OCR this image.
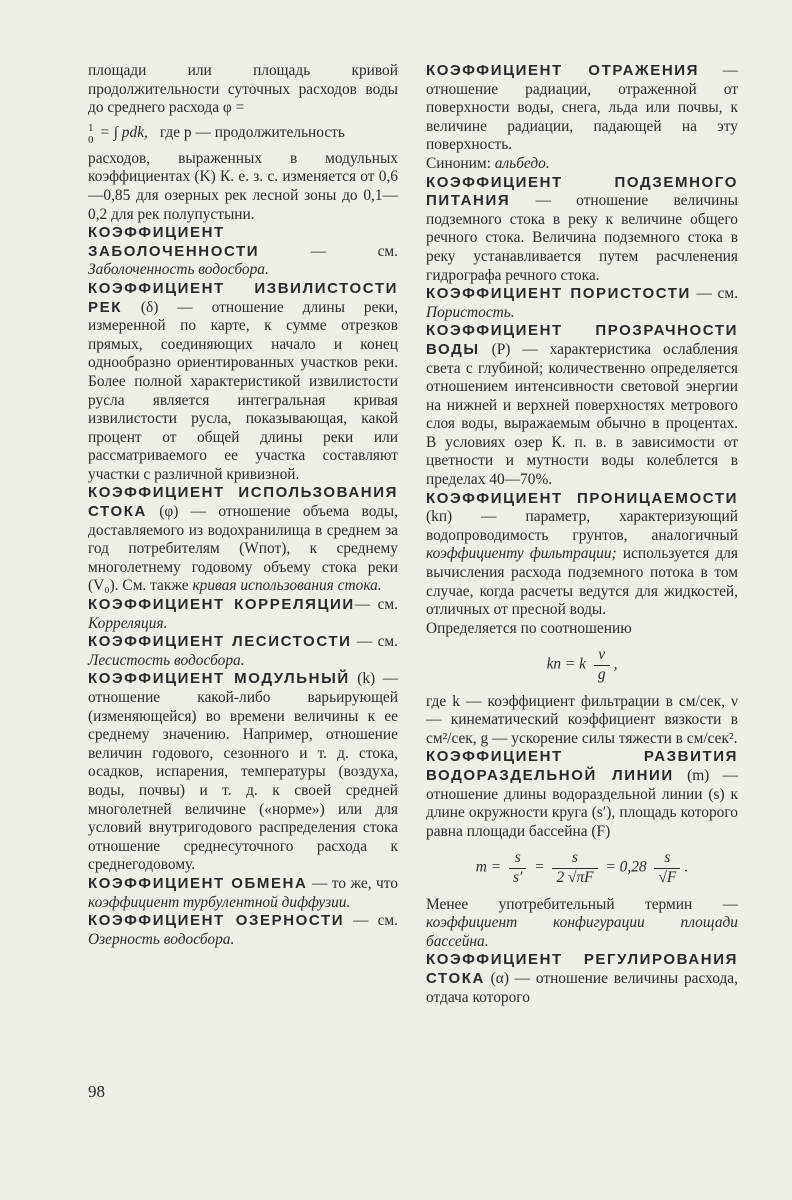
площади или площадь кривой продолжительности суточных расходов воды до среднего расхода φ =

1
0 = ∫ pdk, где p — продолжительность

расходов, выраженных в модульных коэффициентах (K) К. е. з. с. изменяется от 0,6—0,85 для озерных рек лесной зоны до 0,1—0,2 для рек полупустыни.

КОЭФФИЦИЕНТ ЗАБОЛОЧЕННОСТИ — см. Заболоченность водосбора.

КОЭФФИЦИЕНТ ИЗВИЛИСТОСТИ РЕК (δ) — отношение длины реки, измеренной по карте, к сумме отрезков прямых, соединяющих начало и конец однообразно ориентированных участков реки. Более полной характеристикой извилистости русла является интегральная кривая извилистости русла, показывающая, какой процент от общей длины реки или рассматриваемого ее участка составляют участки с различной кривизной.

КОЭФФИЦИЕНТ ИСПОЛЬЗОВАНИЯ СТОКА (φ) — отношение объема воды, доставляемого из водохранилища в среднем за год потребителям (Wпот), к среднему многолетнему годовому объему стока реки (V₀). См. также кривая использования стока.

КОЭФФИЦИЕНТ КОРРЕЛЯЦИИ— см. Корреляция.

КОЭФФИЦИЕНТ ЛЕСИСТОСТИ — см. Лесистость водосбора.

КОЭФФИЦИЕНТ МОДУЛЬНЫЙ (k) — отношение какой-либо варьирующей (изменяющейся) во времени величины к ее среднему значению. Например, отношение величин годового, сезонного и т. д. стока, осадков, испарения, температуры (воздуха, воды, почвы) и т. д. к своей средней многолетней величине («норме») или для условий внутригодового распределения стока отношение среднесуточного расхода к среднегодовому.

КОЭФФИЦИЕНТ ОБМЕНА — то же, что коэффициент турбулентной диффузии.

КОЭФФИЦИЕНТ ОЗЕРНОСТИ — см. Озерность водосбора.

КОЭФФИЦИЕНТ ОТРАЖЕНИЯ — отношение радиации, отраженной от поверхности воды, снега, льда или почвы, к величине радиации, падающей на эту поверхность.

Синоним: альбедо.

КОЭФФИЦИЕНТ ПОДЗЕМНОГО ПИТАНИЯ — отношение величины подземного стока в реку к величине общего речного стока. Величина подземного стока в реку устанавливается путем расчленения гидрографа речного стока.

КОЭФФИЦИЕНТ ПОРИСТОСТИ — см. Пористость.

КОЭФФИЦИЕНТ ПРОЗРАЧНОСТИ ВОДЫ (P) — характеристика ослабления света с глубиной; количественно определяется отношением интенсивности световой энергии на нижней и верхней поверхностях метрового слоя воды, выражаемым обычно в процентах. В условиях озер К. п. в. в зависимости от цветности и мутности воды колеблется в пределах 40—70%.

КОЭФФИЦИЕНТ ПРОНИЦАЕМОСТИ (kп) — параметр, характеризующий водопроводимость грунтов, аналогичный коэффициенту фильтрации; используется для вычисления расхода подземного потока в том случае, когда расчеты ведутся для жидкостей, отличных от пресной воды.

Определяется по соотношению

kп = k $\frac{\nu}{g}$ ,

где k — коэффициент фильтрации в см/сек, ν — кинематический коэффициент вязкости в см²/сек, g — ускорение силы тяжести в см/сек².

КОЭФФИЦИЕНТ РАЗВИТИЯ ВОДОРАЗДЕЛЬНОЙ ЛИНИИ (m) — отношение длины водораздельной линии (s) к длине окружности круга (s′), площадь которого равна площади бассейна (F)

$m = \frac{s}{s'} = \frac{s}{2 √\pi F} = 0,28 \frac{s}{√F}$ .

Менее употребительный термин — коэффициент конфигурации площади бассейна.

КОЭФФИЦИЕНТ РЕГУЛИРОВАНИЯ СТОКА (α) — отношение величины расхода, отдача которого

98
